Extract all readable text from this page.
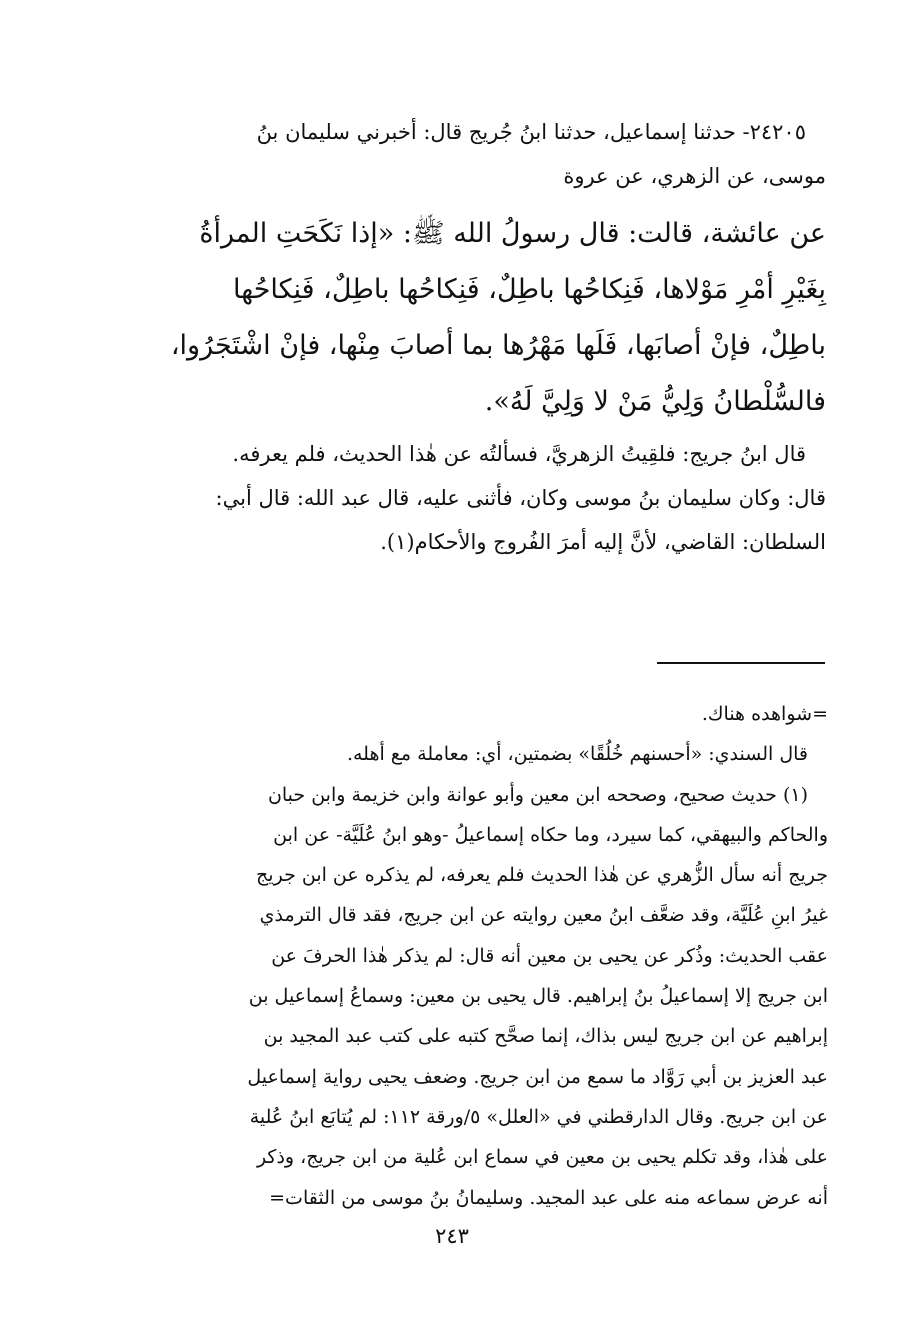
٢٤٢٠٥- حدثنا إسماعيل، حدثنا ابنُ جُريج قال: أخبرني سليمان بنُ
موسى، عن الزهري، عن عروة
عن عائشة، قالت: قال رسولُ الله ﷺ: «إذا نَكَحَتِ المرأةُ
بِغَيْرِ أمْرِ مَوْلاها، فَنِكاحُها باطِلٌ، فَنِكاحُها باطِلٌ، فَنِكاحُها
باطِلٌ، فإنْ أصابَها، فَلَها مَهْرُها بما أصابَ مِنْها، فإنْ اشْتَجَرُوا،
فالسُّلْطانُ وَلِيُّ مَنْ لا وَلِيَّ لَهُ».
قال ابنُ جريج: فلقِيتُ الزهريَّ، فسألتُه عن هٰذا الحديث، فلم يعرفه.
قال: وكان سليمان بنُ موسى وكان، فأثنى عليه، قال عبد الله: قال أبي:
السلطان: القاضي، لأنَّ إليه أمرَ الفُروج والأحكام(١).
=شواهده هناك.
قال السندي: «أحسنهم خُلُقًا» بضمتين، أي: معاملة مع أهله.
(١) حديث صحيح، وصححه ابن معين وأبو عوانة وابن خزيمة وابن حبان
والحاكم والبيهقي، كما سيرد، وما حكاه إسماعيلُ -وهو ابنُ عُلَيَّة- عن ابن
جريج أنه سأل الزُّهري عن هٰذا الحديث فلم يعرفه، لم يذكره عن ابن جريج
غيرُ ابنِ عُلَيَّة، وقد ضعَّف ابنُ معين روايته عن ابن جريج، فقد قال الترمذي
عقب الحديث: وذُكر عن يحيى بن معين أنه قال: لم يذكر هٰذا الحرفَ عن
ابن جريج إلا إسماعيلُ بنُ إبراهيم. قال يحيى بن معين: وسماعُ إسماعيل بن
إبراهيم عن ابن جريج ليس بذاك، إنما صحَّح كتبه على كتب عبد المجيد بن
عبد العزيز بن أبي رَوَّاد ما سمع من ابن جريج. وضعف يحيى رواية إسماعيل
عن ابن جريج. وقال الدارقطني في «العلل» ٥/ورقة ١١٢: لم يُتابَع ابنُ عُلية
على هٰذا، وقد تكلم يحيى بن معين في سماع ابن عُلية من ابن جريج، وذكر
أنه عرض سماعه منه على عبد المجيد. وسليمانُ بنُ موسى من الثقات=
٢٤٣
